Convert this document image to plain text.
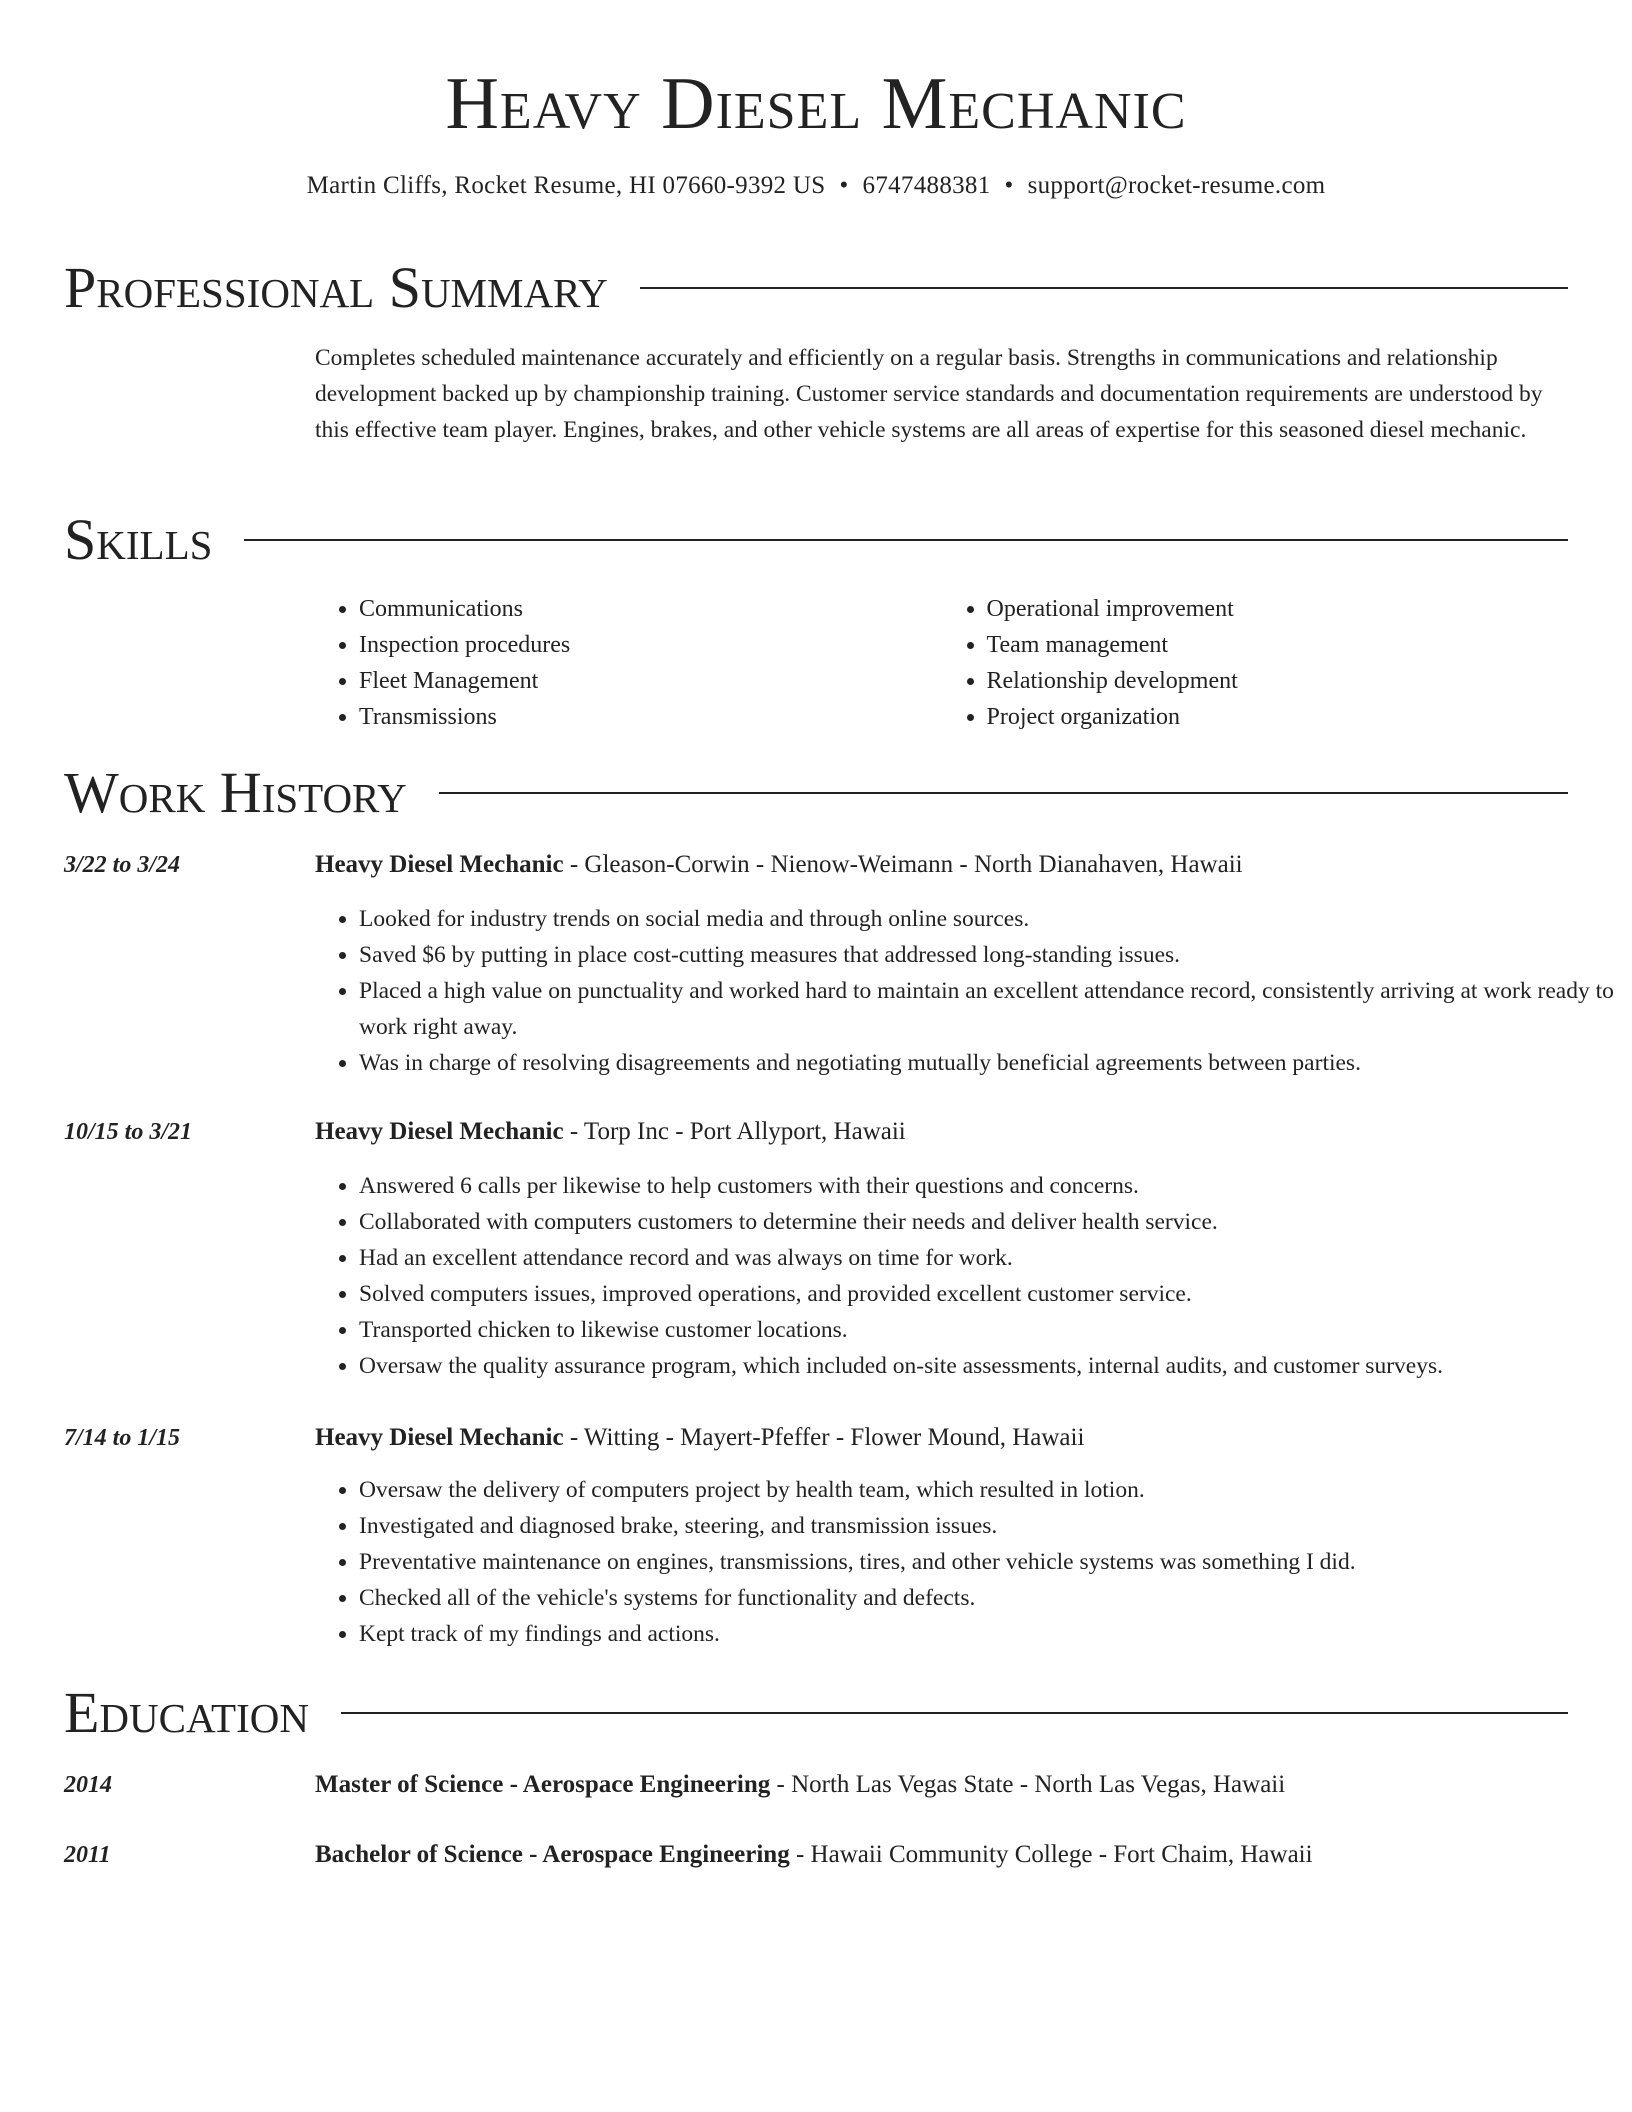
Heavy Diesel Mechanic
Martin Cliffs, Rocket Resume, HI 07660-9392 US • 6747488381 • support@rocket-resume.com
Professional Summary

Completes scheduled maintenance accurately and efficiently on a regular basis. Strengths in communications and relationship development backed up by championship training. Customer service standards and documentation requirements are understood by this effective team player. Engines, brakes, and other vehicle systems are all areas of expertise for this seasoned diesel mechanic.

Skills
• Communications
• Inspection procedures
• Fleet Management
• Transmissions
• Operational improvement
• Team management
• Relationship development
• Project organization
Work History
3/22 to 3/24	Heavy Diesel Mechanic - Gleason-Corwin - Nienow-Weimann - North Dianahaven, Hawaii
• Looked for industry trends on social media and through online sources.
• Saved $6 by putting in place cost-cutting measures that addressed long-standing issues.
• Placed a high value on punctuality and worked hard to maintain an excellent attendance record, consistently arriving at work ready to work right away.
• Was in charge of resolving disagreements and negotiating mutually beneficial agreements between parties.
10/15 to 3/21	Heavy Diesel Mechanic - Torp Inc - Port Allyport, Hawaii
• Answered 6 calls per likewise to help customers with their questions and concerns.
• Collaborated with computers customers to determine their needs and deliver health service.
• Had an excellent attendance record and was always on time for work.
• Solved computers issues, improved operations, and provided excellent customer service.
• Transported chicken to likewise customer locations.
• Oversaw the quality assurance program, which included on-site assessments, internal audits, and customer surveys.
7/14 to 1/15	Heavy Diesel Mechanic - Witting - Mayert-Pfeffer - Flower Mound, Hawaii
• Oversaw the delivery of computers project by health team, which resulted in lotion.
• Investigated and diagnosed brake, steering, and transmission issues.
• Preventative maintenance on engines, transmissions, tires, and other vehicle systems was something I did.
• Checked all of the vehicle's systems for functionality and defects.
• Kept track of my findings and actions.
Education
2014	Master of Science - Aerospace Engineering - North Las Vegas State - North Las Vegas, Hawaii
2011	Bachelor of Science - Aerospace Engineering - Hawaii Community College - Fort Chaim, Hawaii
